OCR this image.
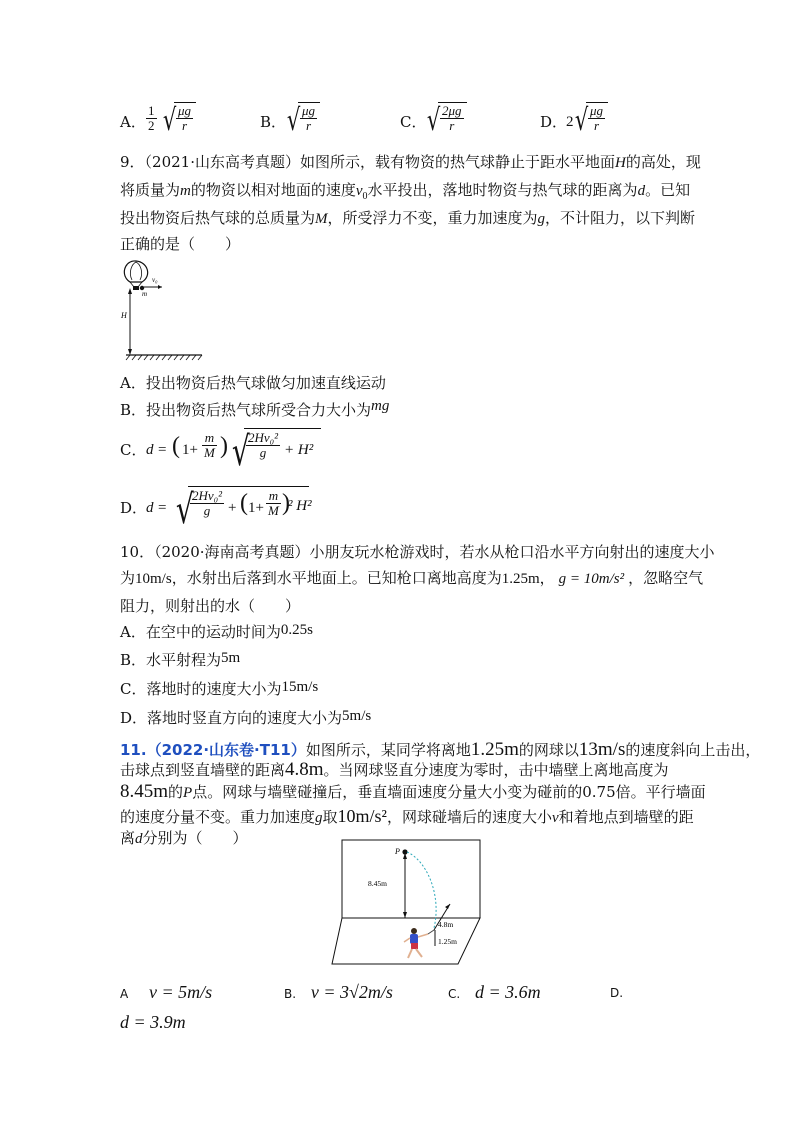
A． $\frac{1}{2}$ √
$\frac{\mu g}{r}$	B． √
$\frac{\mu g}{r}$	C． √
$\frac{2\mu g}{r}$	D．
2 √
$\frac{\mu g}{r}$
9．（2021·山东高考真题）如图所示，载有物资的热气球静止于距水平地面H的高处，现
将质量为m的物资以相对地面的速度$v_0$水平投出，落地时物资与热气球的距离为d。已知
投出物资后热气球的总质量为M，所受浮力不变，重力加速度为g，不计阻力，以下判断
正确的是（　　）
v₀
m
H
A．投出物资后热气球做匀加速直线运动
B．投出物资后热气球所受合力大小为mg
C． d = ( $1+ \frac{m}{M}$ ) √
$\frac{\text{2Hv₀²}}{g} + H^2$
D．
d = √
$\frac{\text{2Hv₀²}}{g}$ + ( $1+ \frac{m}{M}$ )
² H²
10．（2020·海南高考真题）小朋友玩水枪游戏时，若水从枪口沿水平方向射出的速度大小
为10m/s，水射出后落到水平地面上。已知枪口离地高度为1.25m， g = 10m/s² ，忽略空气
阻力，则射出的水（　　）
A．在空中的运动时间为0.25s
B．水平射程为5m
C．落地时的速度大小为15m/s
D．落地时竖直方向的速度大小为5m/s
11.（2022·山东卷·T11）如图所示，某同学将离地1.25m的网球以13m/s的速度斜向上击出，
击球点到竖直墙壁的距离4.8m。当网球竖直分速度为零时，击中墙壁上离地高度为
8.45m的P点。网球与墙壁碰撞后，垂直墙面速度分量大小变为碰前的0.75倍。平行墙面
的速度分量不变。重力加速度g取10m/s²，网球碰墙后的速度大小v和着地点到墙壁的距
离d分别为（　　）
P
8.45m
4.8m
1.25m
A v = 5m/s	B. v = 3√2m/s	C. d = 3.6m	D.
d = 3.9m
